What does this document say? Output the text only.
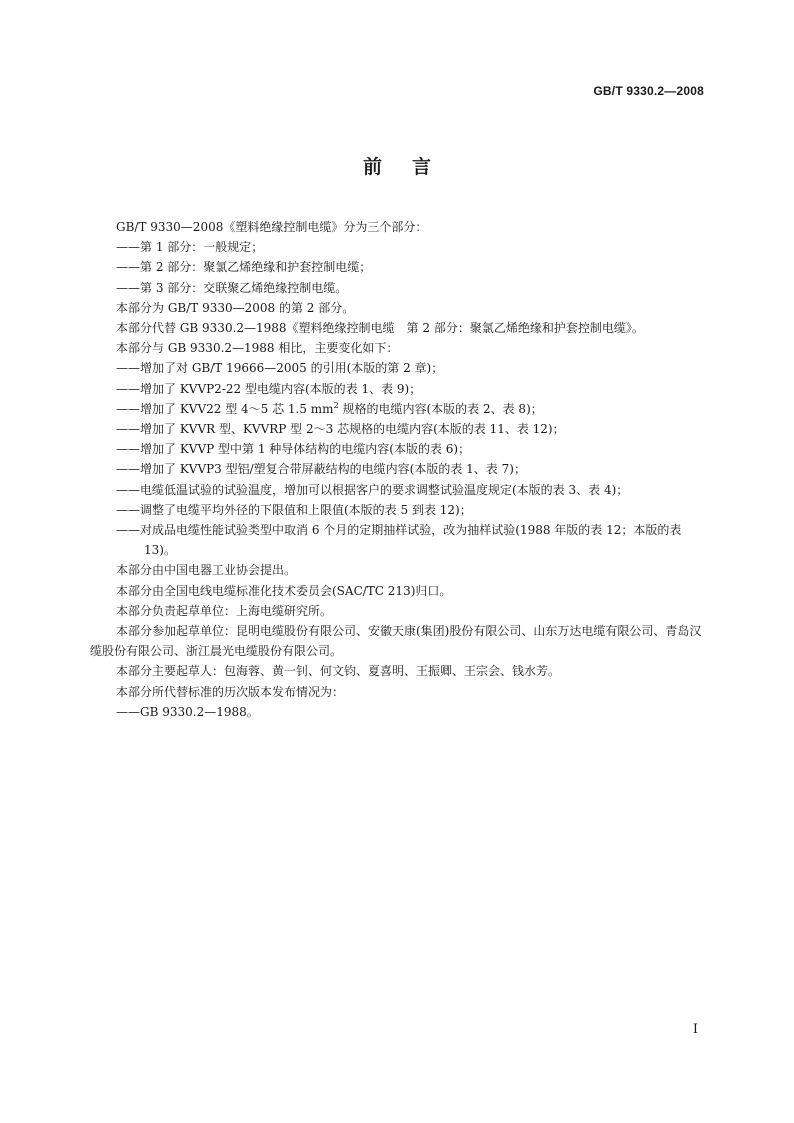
GB/T 9330.2—2008
前言

GB/T 9330—2008《塑料绝缘控制电缆》分为三个部分：

——第 1 部分：一般规定；

——第 2 部分：聚氯乙烯绝缘和护套控制电缆；

——第 3 部分：交联聚乙烯绝缘控制电缆。

本部分为 GB/T 9330—2008 的第 2 部分。

本部分代替 GB 9330.2—1988《塑料绝缘控制电缆　第 2 部分：聚氯乙烯绝缘和护套控制电缆》。

本部分与 GB 9330.2—1988 相比，主要变化如下：

——增加了对 GB/T 19666—2005 的引用(本版的第 2 章)；

——增加了 KVVP2-22 型电缆内容(本版的表 1、表 9)；

——增加了 KVV22 型 4～5 芯 1.5 $mm^2$ 规格的电缆内容(本版的表 2、表 8)；

——增加了 KVVR 型、KVVRP 型 2～3 芯规格的电缆内容(本版的表 11、表 12)；

——增加了 KVVP 型中第 1 种导体结构的电缆内容(本版的表 6)；

——增加了 KVVP3 型铝/塑复合带屏蔽结构的电缆内容(本版的表 1、表 7)；

——电缆低温试验的试验温度，增加可以根据客户的要求调整试验温度规定(本版的表 3、表 4)；

——调整了电缆平均外径的下限值和上限值(本版的表 5 到表 12)；

——对成品电缆性能试验类型中取消 6 个月的定期抽样试验，改为抽样试验(1988 年版的表 12；本版的表 13)。

本部分由中国电器工业协会提出。

本部分由全国电线电缆标准化技术委员会(SAC/TC 213)归口。

本部分负责起草单位：上海电缆研究所。

本部分参加起草单位：昆明电缆股份有限公司、安徽天康(集团)股份有限公司、山东万达电缆有限公司、青岛汉缆股份有限公司、浙江晨光电缆股份有限公司。

本部分主要起草人：包海蓉、黄一钊、何文钧、夏喜明、王振卿、王宗会、钱水芳。

本部分所代替标准的历次版本发布情况为：

——GB 9330.2—1988。

I
